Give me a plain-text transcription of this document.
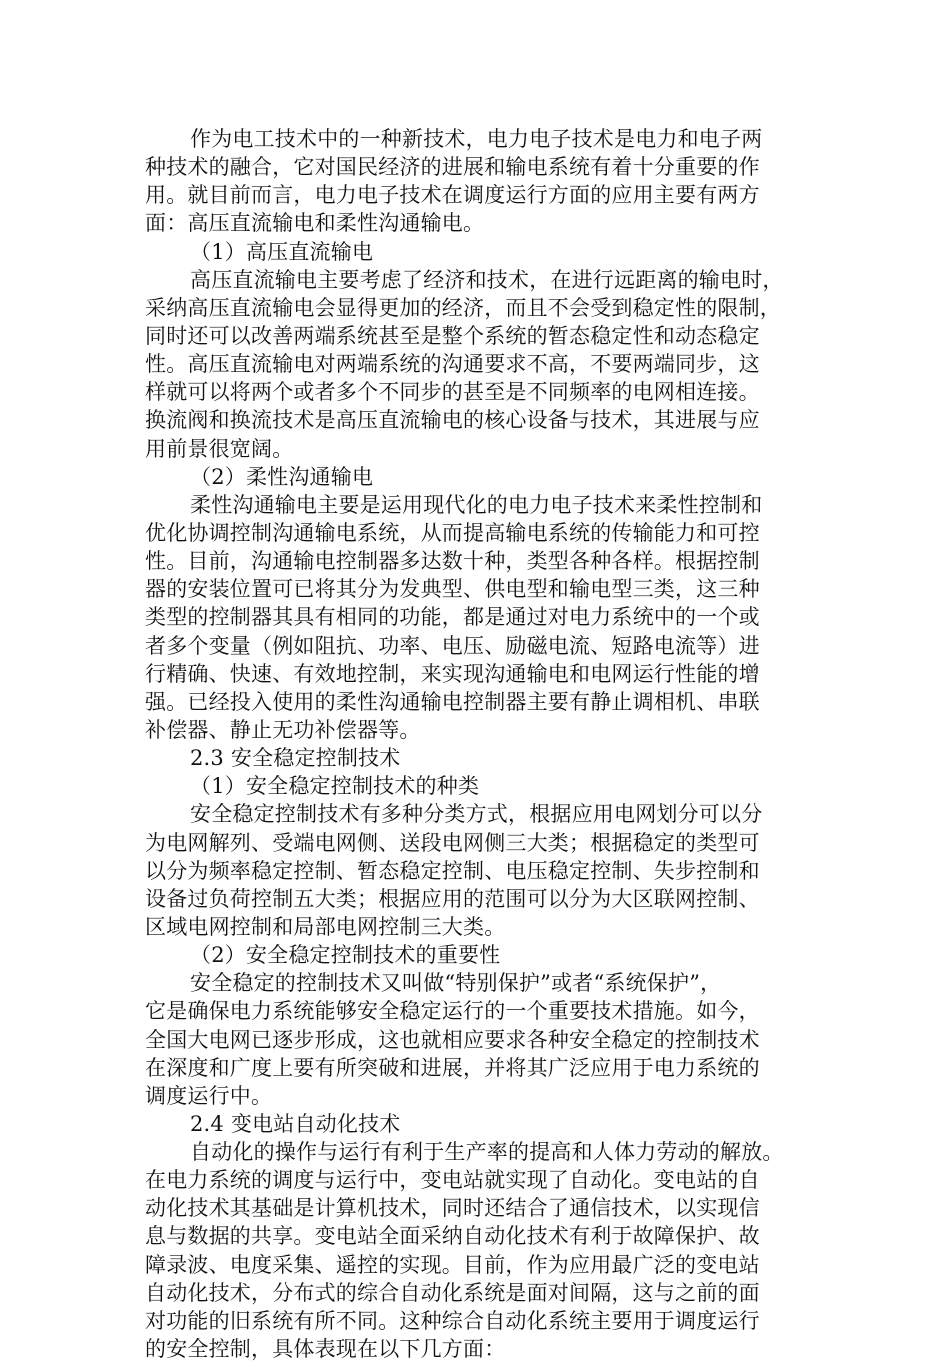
作为电工技术中的一种新技术，电力电子技术是电力和电子两
种技术的融合，它对国民经济的进展和输电系统有着十分重要的作
用。就目前而言，电力电子技术在调度运行方面的应用主要有两方
面：高压直流输电和柔性沟通输电。
（1）高压直流输电
高压直流输电主要考虑了经济和技术，在进行远距离的输电时，
采纳高压直流输电会显得更加的经济，而且不会受到稳定性的限制，
同时还可以改善两端系统甚至是整个系统的暂态稳定性和动态稳定
性。高压直流输电对两端系统的沟通要求不高，不要两端同步，这
样就可以将两个或者多个不同步的甚至是不同频率的电网相连接。
换流阀和换流技术是高压直流输电的核心设备与技术，其进展与应
用前景很宽阔。
（2）柔性沟通输电
柔性沟通输电主要是运用现代化的电力电子技术来柔性控制和
优化协调控制沟通输电系统，从而提高输电系统的传输能力和可控
性。目前，沟通输电控制器多达数十种，类型各种各样。根据控制
器的安装位置可已将其分为发典型、供电型和输电型三类，这三种
类型的控制器其具有相同的功能，都是通过对电力系统中的一个或
者多个变量（例如阻抗、功率、电压、励磁电流、短路电流等）进
行精确、快速、有效地控制，来实现沟通输电和电网运行性能的增
强。已经投入使用的柔性沟通输电控制器主要有静止调相机、串联
补偿器、静止无功补偿器等。
2.3 安全稳定控制技术
（1）安全稳定控制技术的种类
安全稳定控制技术有多种分类方式，根据应用电网划分可以分
为电网解列、受端电网侧、送段电网侧三大类；根据稳定的类型可
以分为频率稳定控制、暂态稳定控制、电压稳定控制、失步控制和
设备过负荷控制五大类；根据应用的范围可以分为大区联网控制、
区域电网控制和局部电网控制三大类。
（2）安全稳定控制技术的重要性
安全稳定的控制技术又叫做“特别保护”或者“系统保护”，
它是确保电力系统能够安全稳定运行的一个重要技术措施。如今，
全国大电网已逐步形成，这也就相应要求各种安全稳定的控制技术
在深度和广度上要有所突破和进展，并将其广泛应用于电力系统的
调度运行中。
2.4 变电站自动化技术
自动化的操作与运行有利于生产率的提高和人体力劳动的解放。
在电力系统的调度与运行中，变电站就实现了自动化。变电站的自
动化技术其基础是计算机技术，同时还结合了通信技术，以实现信
息与数据的共享。变电站全面采纳自动化技术有利于故障保护、故
障录波、电度采集、遥控的实现。目前，作为应用最广泛的变电站
自动化技术，分布式的综合自动化系统是面对间隔，这与之前的面
对功能的旧系统有所不同。这种综合自动化系统主要用于调度运行
的安全控制，具体表现在以下几方面：
